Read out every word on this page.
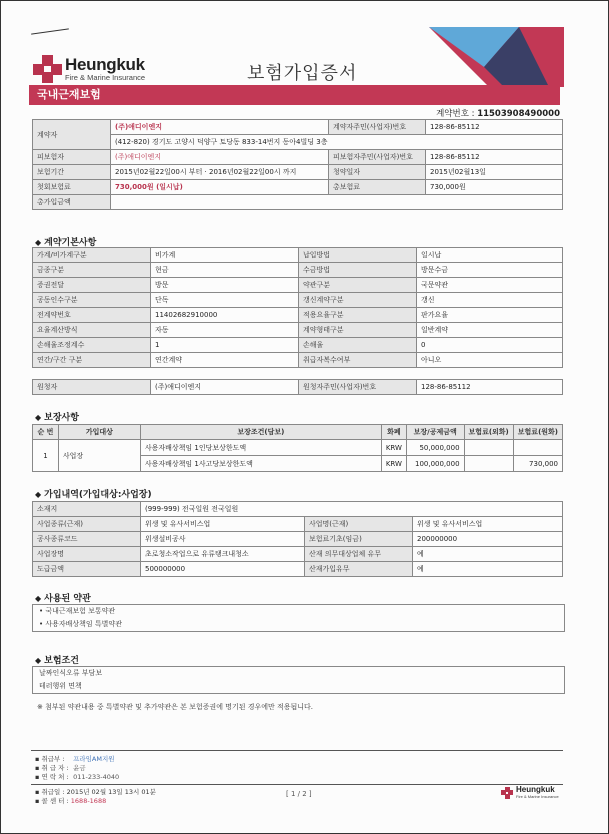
Heungkuk
Fire & Marine Insurance	보험가입증서
국내근재보험
계약번호 : 11503908490000
계약자	(주)애디이엔지	계약자주민(사업자)번호	128-86-85112
	(412-820) 경기도 고양시 덕양구 토당동 833-14번지 동아4빌딩 3층		
피보험자	(주)애디이엔지	피보험자주민(사업자)번호	128-86-85112
보험기간	2015년02월22일00시 부터 · 2016년02월22일00시 까지	청약일자	2015년02월13일
첫회보험료	730,000원 (일시납)	총보험료	730,000원
총가입금액			
◆ 계약기본사항
가계/비가계구분	비가계	납입방법	일시납
금종구분	현금	수금방법	방문수금
증권전달	방문	약관구분	국문약관
공동인수구분	단독	갱신계약구분	갱신
전계약번호	11402682910000	적용요율구분	판가요율
요율계산방식	자동	계약형태구분	일반계약
손해율조정계수	1	손해율	0
연간/구간 구분	연간계약	취급자복수여부	아니오
원청자	(주)애디이엔지	원청자주민(사업자)번호	128-86-85112
◆ 보장사항
순 번	가입대상	보장조건(담보)	화폐	보장/공제금액	보험료(외화)	보험료(원화)
1	사업장	사용자배상책임 1인당보상한도액	KRW	50,000,000		
		사용자배상책임 1사고당보상한도액	KRW	100,000,000		730,000
◆ 가입내역(가입대상:사업장)
소재지	(999-999) 전국일원 전국일원		
사업종류(근재)	위생 및 유사서비스업	사업명(근재)	위생 및 유사서비스업
공사종류코드	위생설비공사	보험료기초(임금)	200000000
사업장명	초로청소작업으로 유류탱크내청소	산재 의무대상업체 유무	예
도급금액	500000000	산재가입유무	예
◆ 사용된 약관
• 국내근재보험 보통약관
• 사용자배상책임 특별약관
◆ 보험조건
날짜인식오류 부담보
테러행위 면책
※ 첨부된 약관내용 중 특별약관 및 추가약관은 본 보험증권에 명기된 경우에만 적용됩니다.
▪ 취급부 : 프라임AM지원
▪ 취 급 자 : 윤금
▪ 연 락 처 : 011-233-4040
▪ 취급일 : 2015년 02월 13일 13시 01분
▪ 콜 센 터 : 1688-1688
[ 1 / 2 ]	Heungkuk
Fire & Marine Insurance
